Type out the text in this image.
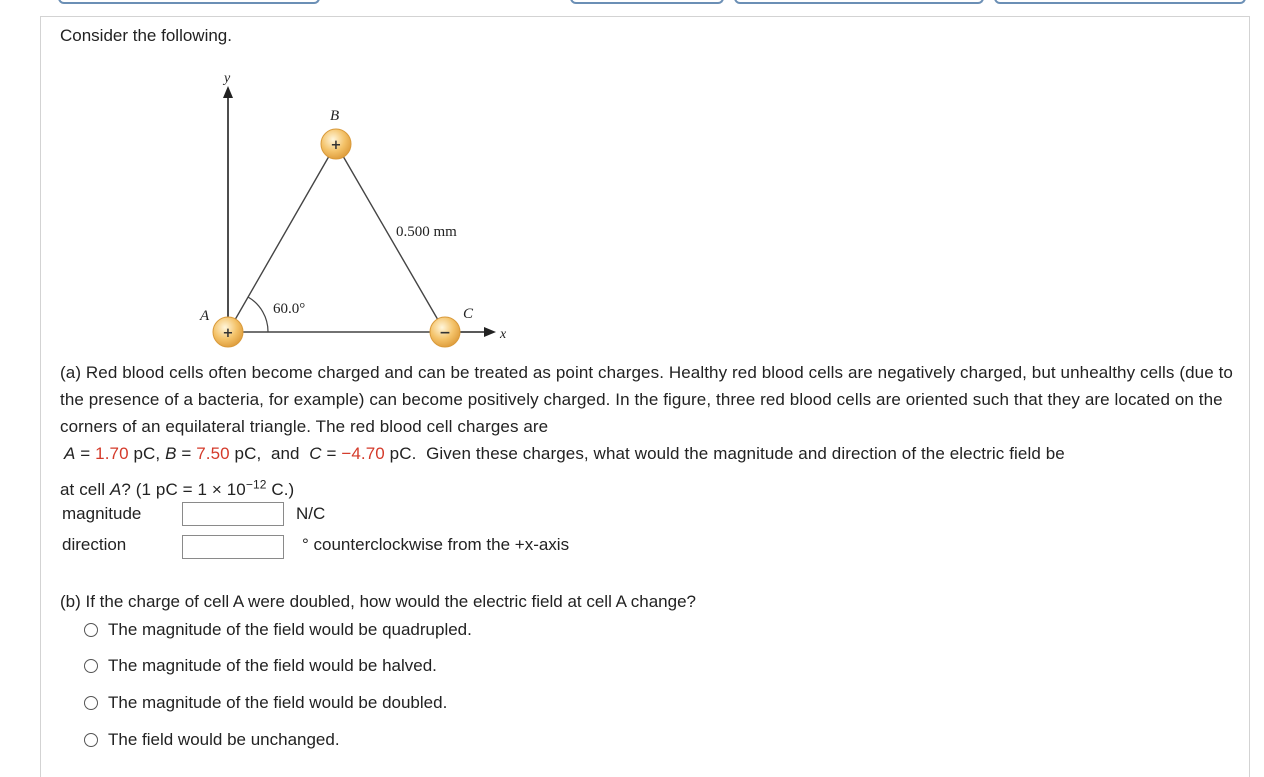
Consider the following.
y
x
60.0°
0.500 mm
+
A
+
B
−
C
(a) Red blood cells often become charged and can be treated as point charges. Healthy red blood cells are negatively charged, but unhealthy cells (due to the presence of a bacteria, for example) can become positively charged. In the figure, three red blood cells are oriented such that they are located on the corners of an equilateral triangle. The red blood cell charges are
A = 1.70 pC, B = 7.50 pC,  and  C = −4.70 pC.  Given these charges, what would the magnitude and direction of the electric field be
at cell A? (1 pC = $1 \times 10^{-12}$ C.)
magnitude	N/C
direction	° counterclockwise from the +x-axis
(b) If the charge of cell A were doubled, how would the electric field at cell A change?
The magnitude of the field would be quadrupled.
The magnitude of the field would be halved.
The magnitude of the field would be doubled.
The field would be unchanged.
